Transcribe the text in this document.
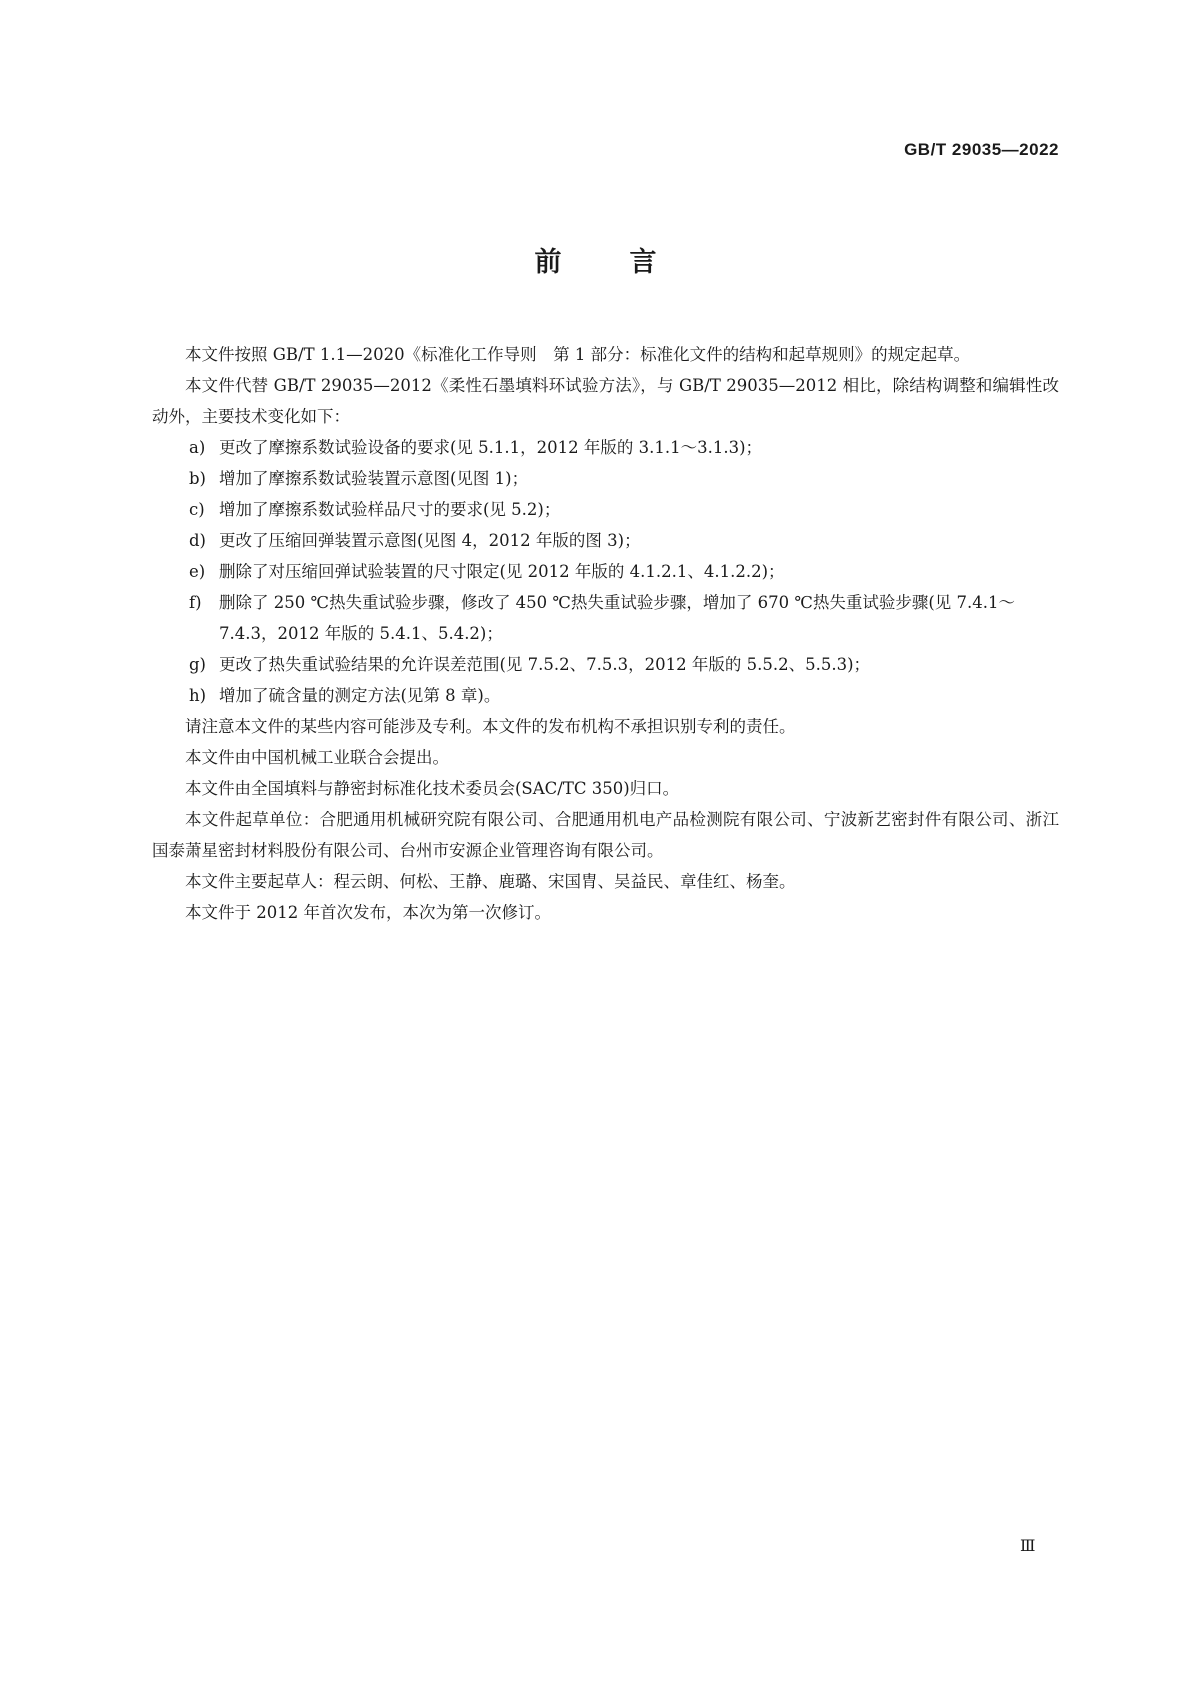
GB/T 29035—2022
前	言

本文件按照 GB/T 1.1—2020《标准化工作导则　第 1 部分：标准化文件的结构和起草规则》的规定起草。

本文件代替 GB/T 29035—2012《柔性石墨填料环试验方法》，与 GB/T 29035—2012 相比，除结构调整和编辑性改动外，主要技术变化如下：

a) 更改了摩擦系数试验设备的要求(见 5.1.1，2012 年版的 3.1.1～3.1.3)；

b) 增加了摩擦系数试验装置示意图(见图 1)；

c) 增加了摩擦系数试验样品尺寸的要求(见 5.2)；

d) 更改了压缩回弹装置示意图(见图 4，2012 年版的图 3)；

e) 删除了对压缩回弹试验装置的尺寸限定(见 2012 年版的 4.1.2.1、4.1.2.2)；

f) 删除了 250 ℃热失重试验步骤，修改了 450 ℃热失重试验步骤，增加了 670 ℃热失重试验步骤(见 7.4.1～7.4.3，2012 年版的 5.4.1、5.4.2)；

g) 更改了热失重试验结果的允许误差范围(见 7.5.2、7.5.3，2012 年版的 5.5.2、5.5.3)；

h) 增加了硫含量的测定方法(见第 8 章)。

请注意本文件的某些内容可能涉及专利。本文件的发布机构不承担识别专利的责任。

本文件由中国机械工业联合会提出。

本文件由全国填料与静密封标准化技术委员会(SAC/TC 350)归口。

本文件起草单位：合肥通用机械研究院有限公司、合肥通用机电产品检测院有限公司、宁波新艺密封件有限公司、浙江国泰萧星密封材料股份有限公司、台州市安源企业管理咨询有限公司。

本文件主要起草人：程云朗、何松、王静、鹿璐、宋国胄、吴益民、章佳红、杨奎。

本文件于 2012 年首次发布，本次为第一次修订。

Ⅲ
